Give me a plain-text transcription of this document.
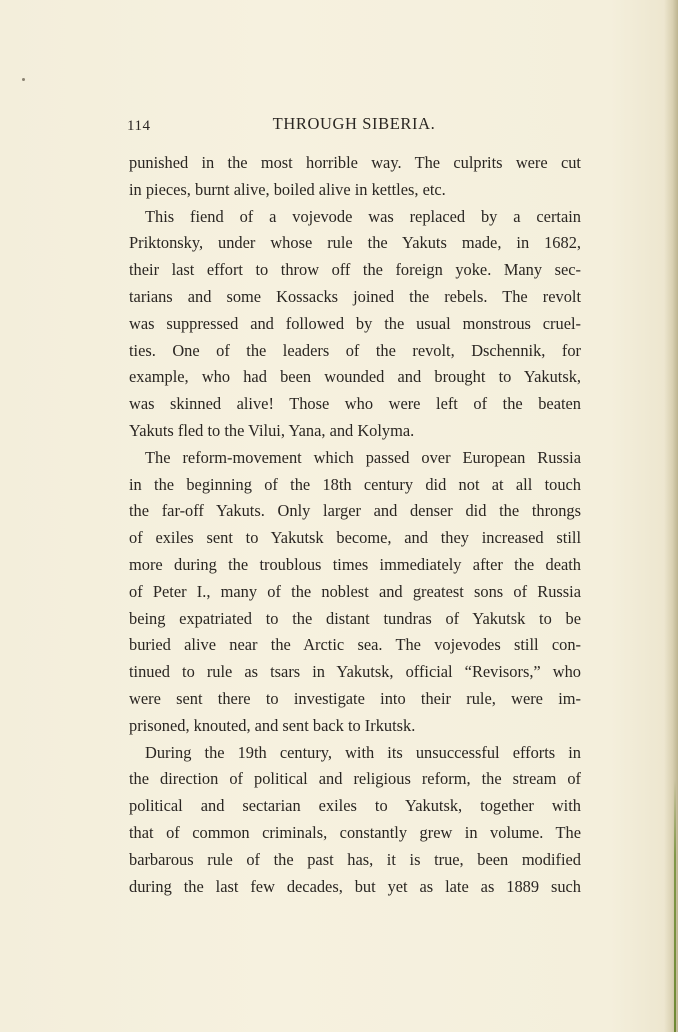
114	THROUGH SIBERIA.
punished in the most horrible way. The culprits were cut
in pieces, burnt alive, boiled alive in kettles, etc.
This fiend of a vojevode was replaced by a certain
Priktonsky, under whose rule the Yakuts made, in 1682,
their last effort to throw off the foreign yoke. Many sec-
tarians and some Kossacks joined the rebels. The revolt
was suppressed and followed by the usual monstrous cruel-
ties. One of the leaders of the revolt, Dschennik, for
example, who had been wounded and brought to Yakutsk,
was skinned alive! Those who were left of the beaten
Yakuts fled to the Vilui, Yana, and Kolyma.
The reform-movement which passed over European Russia
in the beginning of the 18th century did not at all touch
the far-off Yakuts. Only larger and denser did the throngs
of exiles sent to Yakutsk become, and they increased still
more during the troublous times immediately after the death
of Peter I., many of the noblest and greatest sons of Russia
being expatriated to the distant tundras of Yakutsk to be
buried alive near the Arctic sea. The vojevodes still con-
tinued to rule as tsars in Yakutsk, official “Revisors,” who
were sent there to investigate into their rule, were im-
prisoned, knouted, and sent back to Irkutsk.
During the 19th century, with its unsuccessful efforts in
the direction of political and religious reform, the stream of
political and sectarian exiles to Yakutsk, together with
that of common criminals, constantly grew in volume. The
barbarous rule of the past has, it is true, been modified
during the last few decades, but yet as late as 1889 such
